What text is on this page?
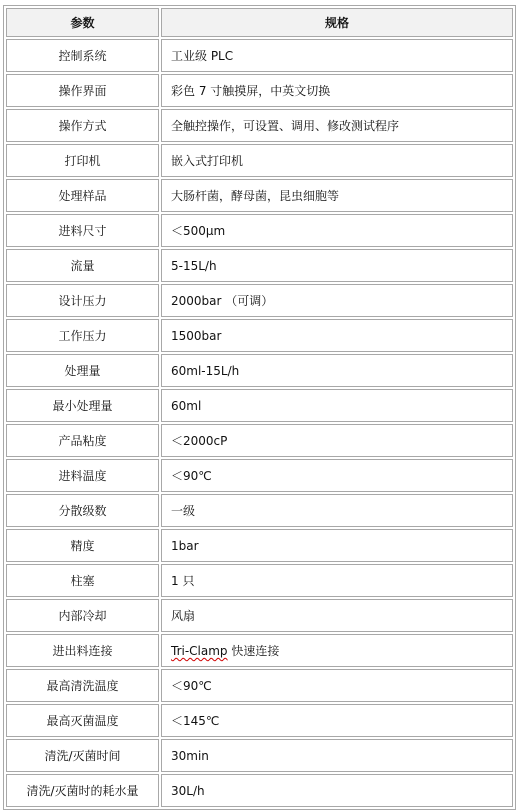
参数	规格
控制系统	工业级 PLC
操作界面	彩色 7 寸触摸屏，中英文切换
操作方式	全触控操作，可设置、调用、修改测试程序
打印机	嵌入式打印机
处理样品	大肠杆菌，酵母菌，昆虫细胞等
进料尺寸	＜500μm
流量	5-15L/h
设计压力	2000bar （可调）
工作压力	1500bar
处理量	60ml-15L/h
最小处理量	60ml
产品粘度	＜2000cP
进料温度	＜90℃
分散级数	一级
精度	1bar
柱塞	1 只
内部冷却	风扇
进出料连接	Tri-Clamp 快速连接
最高清洗温度	＜90℃
最高灭菌温度	＜145℃
清洗/灭菌时间	30min
清洗/灭菌时的耗水量	30L/h
